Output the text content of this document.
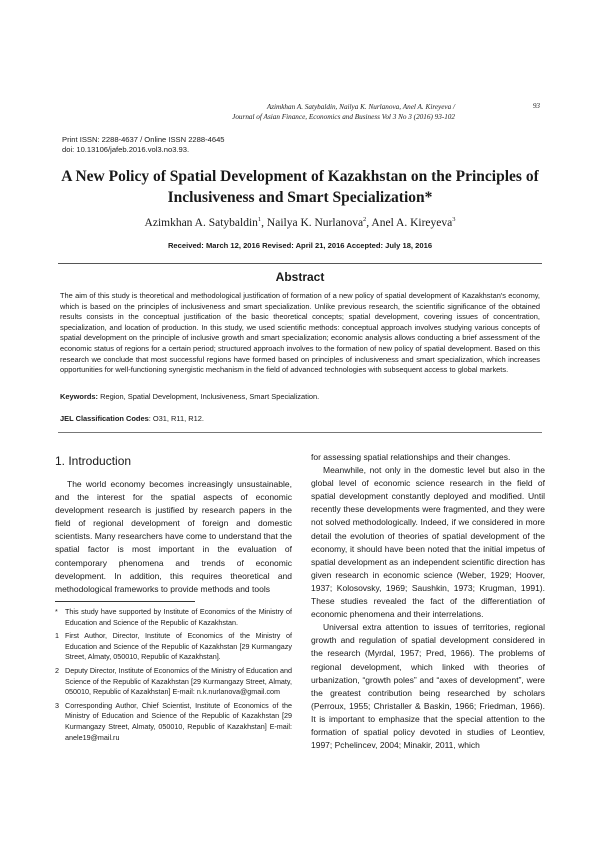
Azimkhan A. Satybaldin, Nailya K. Nurlanova, Anel A. Kireyeva /
Journal of Asian Finance, Economics and Business Vol 3 No 3 (2016) 93-102
93
Print ISSN: 2288-4637 / Online ISSN 2288-4645
doi: 10.13106/jafeb.2016.vol3.no3.93.
A New Policy of Spatial Development of Kazakhstan on the Principles of
Inclusiveness and Smart Specialization*
Azimkhan A. Satybaldin$^1$, Nailya K. Nurlanova$^2$, Anel A. Kireyeva$^3$
Received: March 12, 2016 Revised: April 21, 2016 Accepted: July 18, 2016
Abstract
The aim of this study is theoretical and methodological justification of formation of a new policy of spatial development of Kazakhstan's economy, which is based on the principles of inclusiveness and smart specialization. Unlike previous research, the scientific significance of the obtained results consists in the conceptual justification of the basic theoretical concepts; spatial development, covering issues of concentration, specialization, and location of production. In this study, we used scientific methods: conceptual approach involves studying various concepts of spatial development on the principle of inclusive growth and smart specialization; economic analysis allows conducting a brief assessment of the economic status of regions for a certain period; structured approach involves to the formation of new policy of spatial development. Based on this research we conclude that most successful regions have formed based on principles of inclusiveness and smart specialization, which increases opportunities for well-functioning synergistic mechanism in the field of advanced technologies with subsequent access to global markets.
Keywords: Region, Spatial Development, Inclusiveness, Smart Specialization.
JEL Classification Codes: O31, R11, R12.
1. Introduction
The world economy becomes increasingly unsustainable, and the interest for the spatial aspects of economic development research is justified by research papers in the field of regional development of foreign and domestic scientists. Many researchers have come to understand that the spatial factor is most important in the evaluation of contemporary phenomena and trends of economic development. In addition, this requires theoretical and methodological frameworks to provide methods and tools
* This study have supported by Institute of Economics of the Ministry of Education and Science of the Republic of Kazakhstan.
1 First Author, Director, Institute of Economics of the Ministry of Education and Science of the Republic of Kazakhstan [29 Kurmangazy Street, Almaty, 050010, Republic of Kazakhstan].
2 Deputy Director, Institute of Economics of the Ministry of Education and Science of the Republic of Kazakhstan [29 Kurmangazy Street, Almaty, 050010, Republic of Kazakhstan] E-mail: n.k.nurlanova@gmail.com
3 Corresponding Author, Chief Scientist, Institute of Economics of the Ministry of Education and Science of the Republic of Kazakhstan [29 Kurmangazy Street, Almaty, 050010, Republic of Kazakhstan] E-mail: anele19@mail.ru

for assessing spatial relationships and their changes.

Meanwhile, not only in the domestic level but also in the global level of economic science research in the field of spatial development constantly deployed and modified. Until recently these developments were fragmented, and they were not solved methodologically. Indeed, if we considered in more detail the evolution of theories of spatial development of the economy, it should have been noted that the initial impetus of spatial development as an independent scientific direction has given research in economic science (Weber, 1929; Hoover, 1937; Kolosovsky, 1969; Saushkin, 1973; Krugman, 1991). These studies revealed the fact of the differentiation of economic phenomena and their interrelations.

Universal extra attention to issues of territories, regional growth and regulation of spatial development considered in the research (Myrdal, 1957; Pred, 1966). The problems of regional development, which linked with theories of urbanization, “growth poles” and “axes of development”, were the greatest contribution being researched by scholars (Perroux, 1955; Christaller & Baskin, 1966; Friedman, 1966). It is important to emphasize that the special attention to the formation of spatial policy devoted in studies of Leontiev, 1997; Pchelincev, 2004; Minakir, 2011, which
